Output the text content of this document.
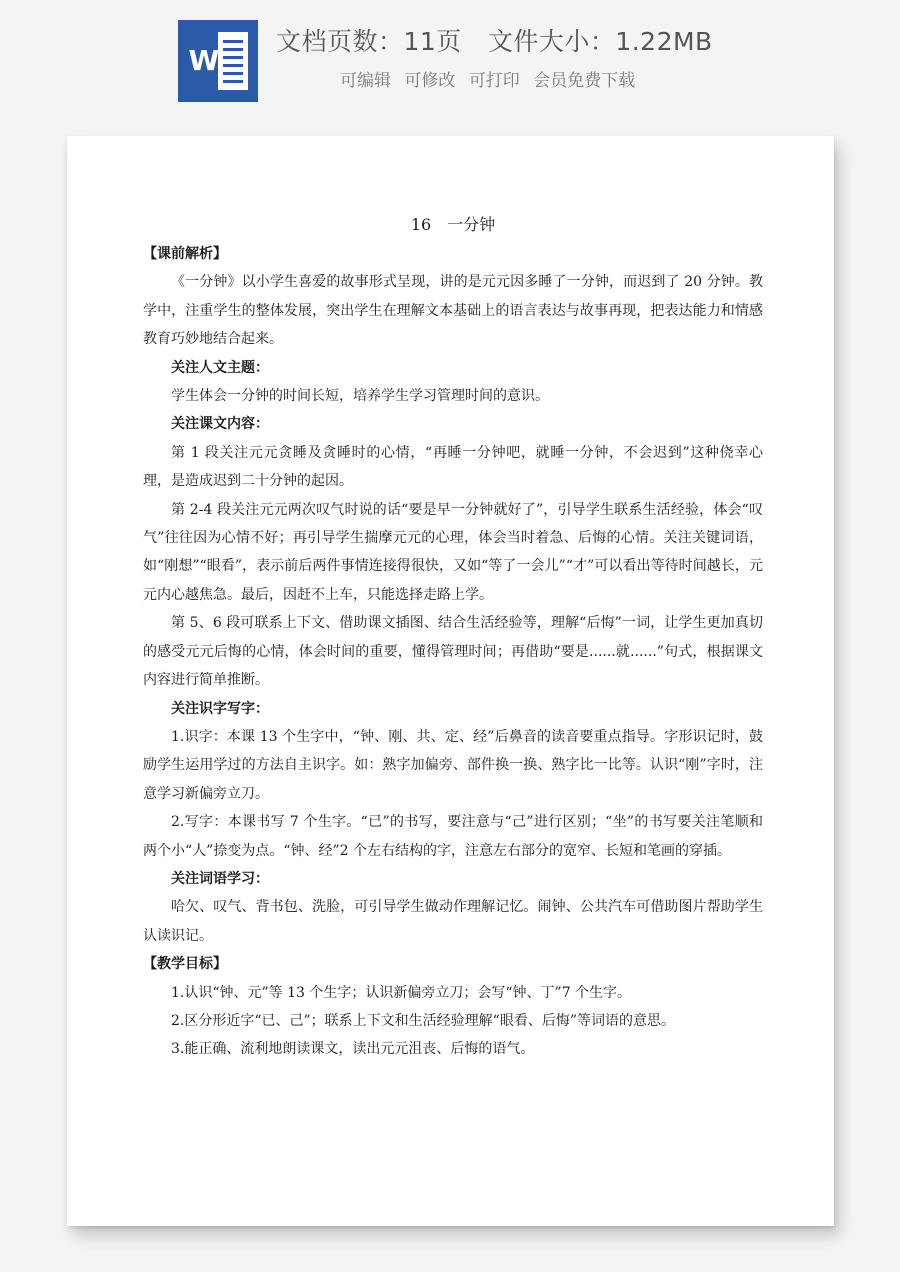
W
文档页数：11页 文件大小：1.22MB
可编辑 可修改 可打印 会员免费下载
16　一分钟
【课前解析】
《一分钟》以小学生喜爱的故事形式呈现，讲的是元元因多睡了一分钟，而迟到了 20 分钟。教学中，注重学生的整体发展，突出学生在理解文本基础上的语言表达与故事再现，把表达能力和情感教育巧妙地结合起来。
关注人文主题：
学生体会一分钟的时间长短，培养学生学习管理时间的意识。
关注课文内容：
第 1 段关注元元贪睡及贪睡时的心情，“再睡一分钟吧，就睡一分钟，不会迟到”这种侥幸心理，是造成迟到二十分钟的起因。
第 2-4 段关注元元两次叹气时说的话“要是早一分钟就好了”，引导学生联系生活经验，体会“叹气”往往因为心情不好；再引导学生揣摩元元的心理，体会当时着急、后悔的心情。关注关键词语，如“刚想”“眼看”，表示前后两件事情连接得很快，又如“等了一会儿”“才”可以看出等待时间越长，元元内心越焦急。最后，因赶不上车，只能选择走路上学。
第 5、6 段可联系上下文、借助课文插图、结合生活经验等，理解“后悔”一词，让学生更加真切的感受元元后悔的心情，体会时间的重要，懂得管理时间；再借助“要是......就......”句式，根据课文内容进行简单推断。
关注识字写字：
1.识字：本课 13 个生字中，“钟、刚、共、定、经”后鼻音的读音要重点指导。字形识记时，鼓励学生运用学过的方法自主识字。如：熟字加偏旁、部件换一换、熟字比一比等。认识“刚”字时，注意学习新偏旁立刀。
2.写字：本课书写 7 个生字。“已”的书写，要注意与“己”进行区别；“坐”的书写要关注笔顺和两个小“人”捺变为点。“钟、经”2 个左右结构的字，注意左右部分的宽窄、长短和笔画的穿插。
关注词语学习：
哈欠、叹气、背书包、洗脸，可引导学生做动作理解记忆。闹钟、公共汽车可借助图片帮助学生认读识记。
【教学目标】
1.认识“钟、元”等 13 个生字；认识新偏旁立刀；会写“钟、丁”7 个生字。
2.区分形近字“已、己”；联系上下文和生活经验理解“眼看、后悔”等词语的意思。
3.能正确、流利地朗读课文，读出元元沮丧、后悔的语气。
